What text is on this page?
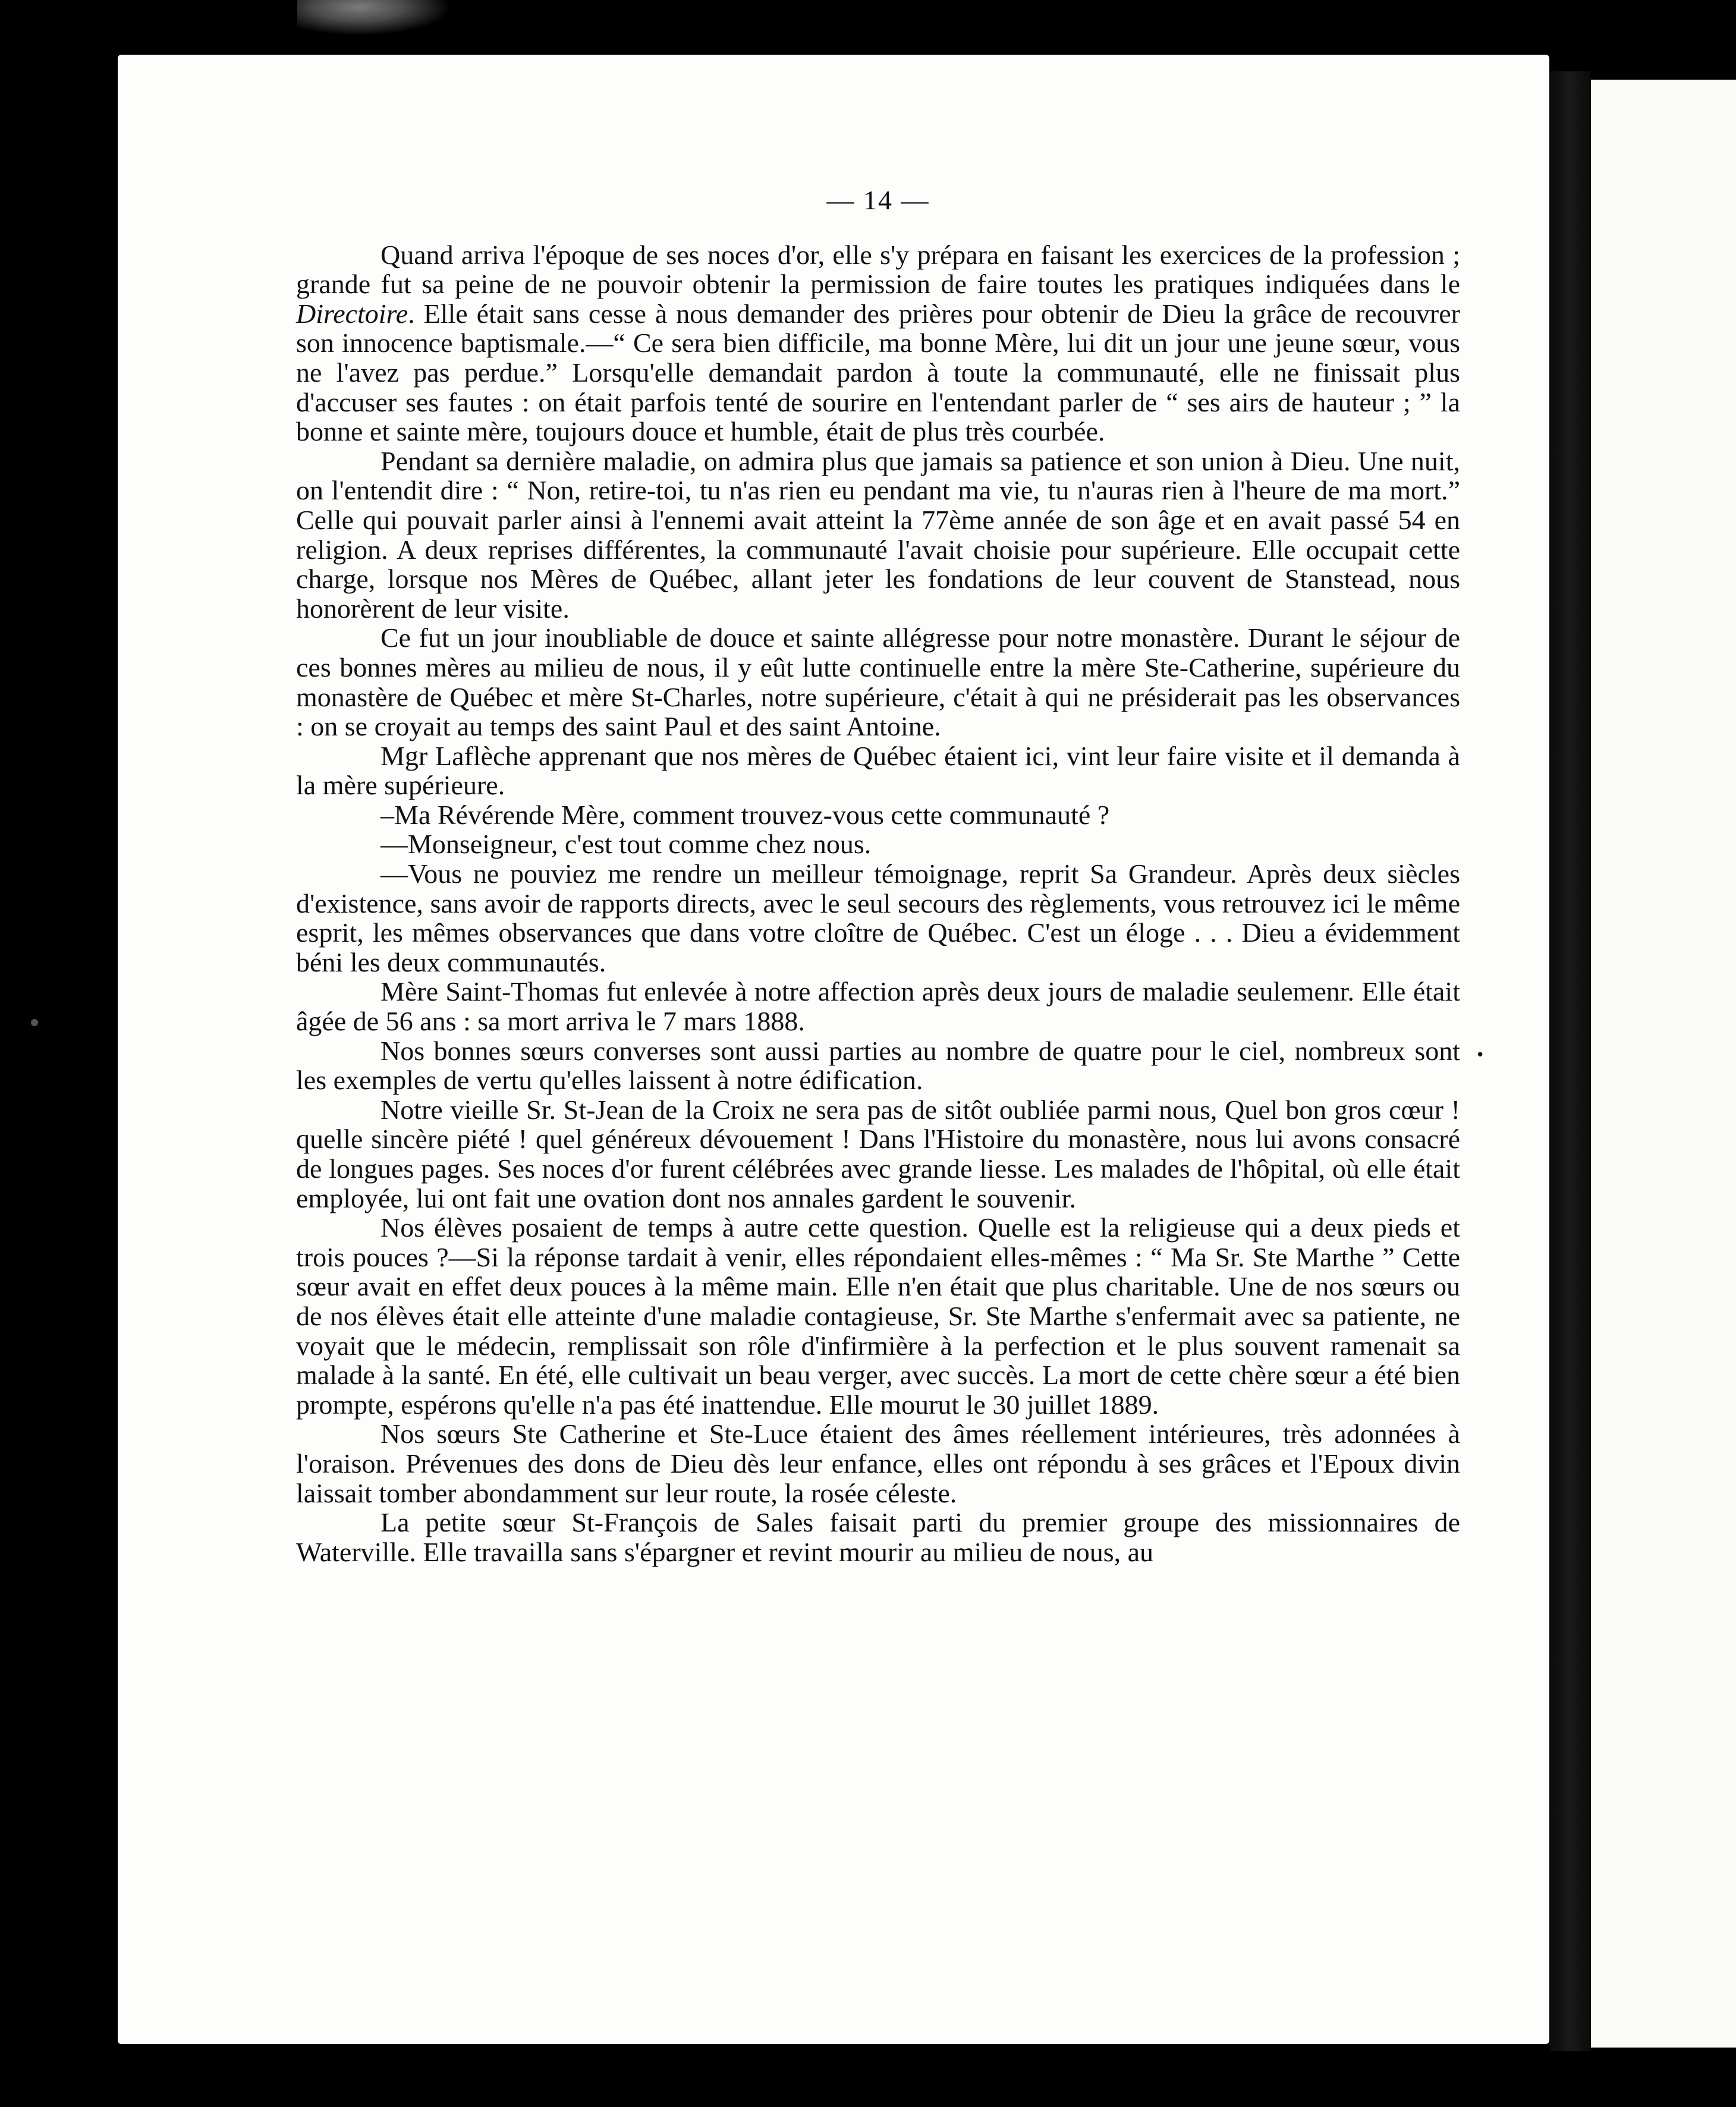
— 14 —

Quand arriva l'époque de ses noces d'or, elle s'y prépara en faisant les exercices de la profession ; grande fut sa peine de ne pouvoir obtenir la permission de faire toutes les pratiques indiquées dans le Directoire. Elle était sans cesse à nous demander des prières pour obtenir de Dieu la grâce de recouvrer son innocence baptismale.—“ Ce sera bien difficile, ma bonne Mère, lui dit un jour une jeune sœur, vous ne l'avez pas perdue.” Lorsqu'elle demandait pardon à toute la communauté, elle ne finissait plus d'accuser ses fautes : on était parfois tenté de sourire en l'entendant parler de “ ses airs de hauteur ; ” la bonne et sainte mère, toujours douce et humble, était de plus très courbée.

Pendant sa dernière maladie, on admira plus que jamais sa patience et son union à Dieu. Une nuit, on l'entendit dire : “ Non, retire-toi, tu n'as rien eu pendant ma vie, tu n'auras rien à l'heure de ma mort.” Celle qui pouvait parler ainsi à l'ennemi avait atteint la 77ème année de son âge et en avait passé 54 en religion. A deux reprises différentes, la communauté l'avait choisie pour supérieure. Elle occupait cette charge, lorsque nos Mères de Québec, allant jeter les fondations de leur couvent de Stanstead, nous honorèrent de leur visite.

Ce fut un jour inoubliable de douce et sainte allégresse pour notre monastère. Durant le séjour de ces bonnes mères au milieu de nous, il y eût lutte continuelle entre la mère Ste-Catherine, supérieure du monastère de Québec et mère St-Charles, notre supérieure, c'était à qui ne présiderait pas les observances : on se croyait au temps des saint Paul et des saint Antoine.

Mgr Laflèche apprenant que nos mères de Québec étaient ici, vint leur faire visite et il demanda à la mère supérieure.

–Ma Révérende Mère, comment trouvez-vous cette communauté ?

—Monseigneur, c'est tout comme chez nous.

—Vous ne pouviez me rendre un meilleur témoignage, reprit Sa Grandeur. Après deux siècles d'existence, sans avoir de rapports directs, avec le seul secours des règlements, vous retrouvez ici le même esprit, les mêmes observances que dans votre cloître de Québec. C'est un éloge . . . Dieu a évidemment béni les deux communautés.

Mère Saint-Thomas fut enlevée à notre affection après deux jours de maladie seulemenr. Elle était âgée de 56 ans : sa mort arriva le 7 mars 1888.

Nos bonnes sœurs converses sont aussi parties au nombre de quatre pour le ciel, nombreux sont les exemples de vertu qu'elles laissent à notre édification.

Notre vieille Sr. St-Jean de la Croix ne sera pas de sitôt oubliée parmi nous, Quel bon gros cœur ! quelle sincère piété ! quel généreux dévouement ! Dans l'Histoire du monastère, nous lui avons consacré de longues pages. Ses noces d'or furent célébrées avec grande liesse. Les malades de l'hôpital, où elle était employée, lui ont fait une ovation dont nos annales gardent le souvenir.

Nos élèves posaient de temps à autre cette question. Quelle est la religieuse qui a deux pieds et trois pouces ?—Si la réponse tardait à venir, elles répondaient elles-mêmes : “ Ma Sr. Ste Marthe ” Cette sœur avait en effet deux pouces à la même main. Elle n'en était que plus charitable. Une de nos sœurs ou de nos élèves était elle atteinte d'une maladie contagieuse, Sr. Ste Marthe s'enfermait avec sa patiente, ne voyait que le médecin, remplissait son rôle d'infirmière à la perfection et le plus souvent ramenait sa malade à la santé. En été, elle cultivait un beau verger, avec succès. La mort de cette chère sœur a été bien prompte, espérons qu'elle n'a pas été inattendue. Elle mourut le 30 juillet 1889.

Nos sœurs Ste Catherine et Ste-Luce étaient des âmes réellement intérieures, très adonnées à l'oraison. Prévenues des dons de Dieu dès leur enfance, elles ont répondu à ses grâces et l'Epoux divin laissait tomber abondamment sur leur route, la rosée céleste.

La petite sœur St-François de Sales faisait parti du premier groupe des missionnaires de Waterville. Elle travailla sans s'épargner et revint mourir au milieu de nous, au

•
